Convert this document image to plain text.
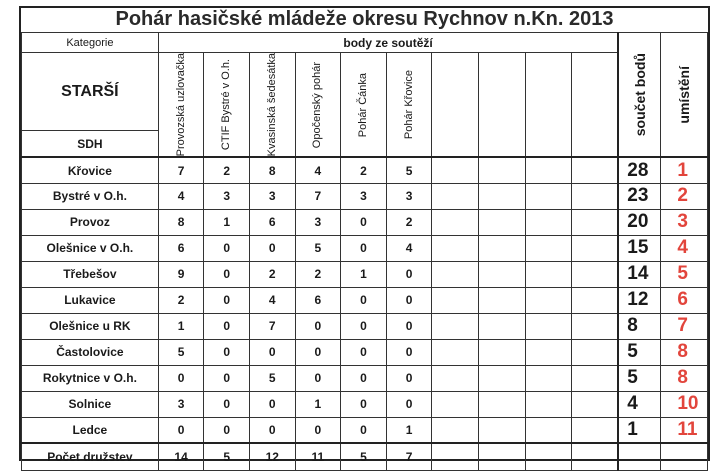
Pohár hasičské mládeže okresu Rychnov n.Kn. 2013
Kategorie	body ze soutěží										součet bodů	umístění

STARŠÍ	Provozská uzlovačka	CTIF Bystré v O.h.	Kvasinská šedesátka	Opočenský pohár	Pohár Čánka	Pohár Křovice						

SDH												
Křovice	7	2	8	4	2	5					28	1
Bystré v O.h.	4	3	3	7	3	3					23	2
Provoz	8	1	6	3	0	2					20	3
Olešnice v O.h.	6	0	0	5	0	4					15	4
Třebešov	9	0	2	2	1	0					14	5
Lukavice	2	0	4	6	0	0					12	6
Olešnice u RK	1	0	7	0	0	0					8	7
Častolovice	5	0	0	0	0	0					5	8
Rokytnice v O.h.	0	0	5	0	0	0					5	8
Solnice	3	0	0	1	0	0					4	10
Ledce	0	0	0	0	0	1					1	11
Počet družstev	14	5	12	11	5	7						
